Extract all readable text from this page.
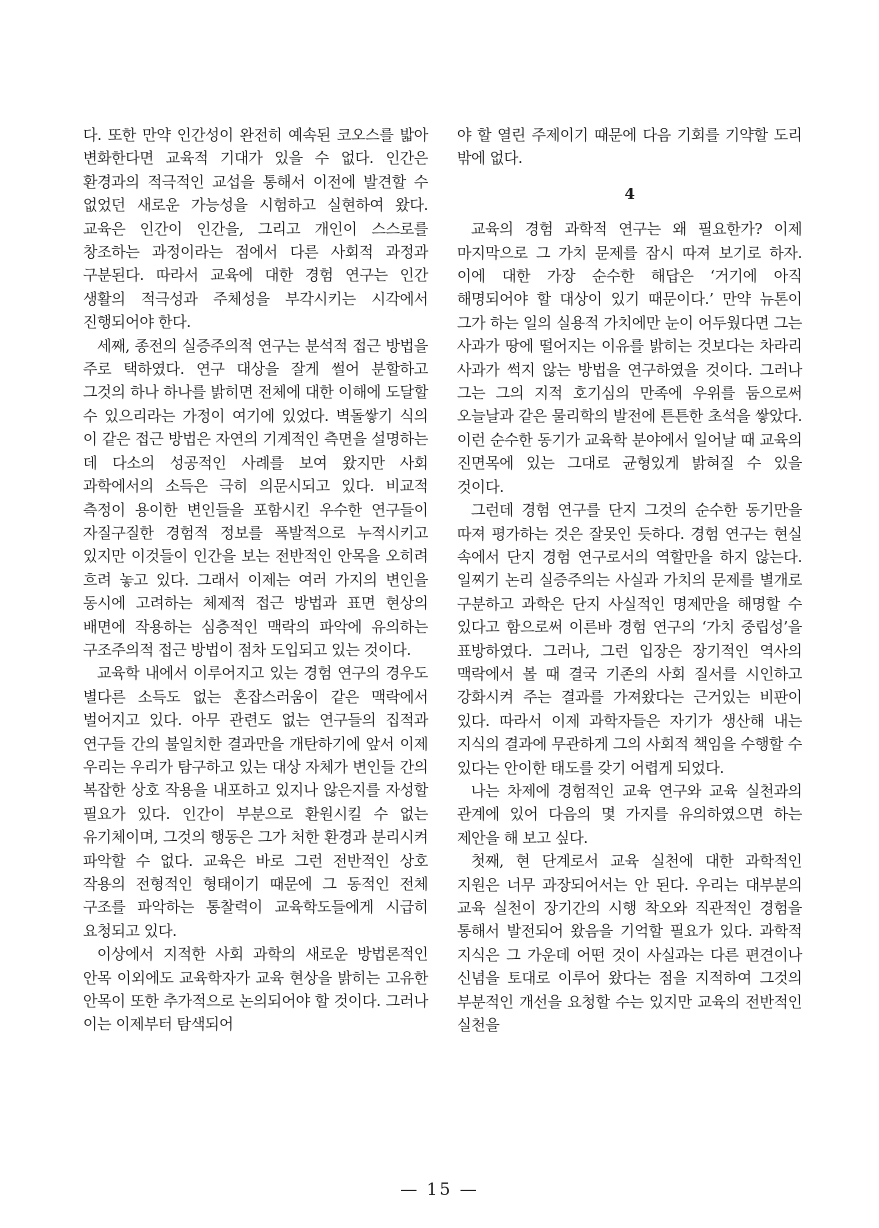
다. 또한 만약 인간성이 완전히 예속된 코오스를 밟아 변화한다면 교육적 기대가 있을 수 없다. 인간은 환경과의 적극적인 교섭을 통해서 이전에 발견할 수 없었던 새로운 가능성을 시험하고 실현하여 왔다. 교육은 인간이 인간을, 그리고 개인이 스스로를 창조하는 과정이라는 점에서 다른 사회적 과정과 구분된다. 따라서 교육에 대한 경험 연구는 인간 생활의 적극성과 주체성을 부각시키는 시각에서 진행되어야 한다.

세째, 종전의 실증주의적 연구는 분석적 접근 방법을 주로 택하였다. 연구 대상을 잘게 썰어 분할하고 그것의 하나 하나를 밝히면 전체에 대한 이해에 도달할 수 있으리라는 가정이 여기에 있었다. 벽돌쌓기 식의 이 같은 접근 방법은 자연의 기계적인 측면을 설명하는 데 다소의 성공적인 사례를 보여 왔지만 사회 과학에서의 소득은 극히 의문시되고 있다. 비교적 측정이 용이한 변인들을 포함시킨 우수한 연구들이 자질구질한 경험적 정보를 폭발적으로 누적시키고 있지만 이것들이 인간을 보는 전반적인 안목을 오히려 흐려 놓고 있다. 그래서 이제는 여러 가지의 변인을 동시에 고려하는 체제적 접근 방법과 표면 현상의 배면에 작용하는 심층적인 맥락의 파악에 유의하는 구조주의적 접근 방법이 점차 도입되고 있는 것이다.

교육학 내에서 이루어지고 있는 경험 연구의 경우도 별다른 소득도 없는 혼잡스러움이 같은 맥락에서 벌어지고 있다. 아무 관련도 없는 연구들의 집적과 연구들 간의 불일치한 결과만을 개탄하기에 앞서 이제 우리는 우리가 탐구하고 있는 대상 자체가 변인들 간의 복잡한 상호 작용을 내포하고 있지나 않은지를 자성할 필요가 있다. 인간이 부분으로 환원시킬 수 없는 유기체이며, 그것의 행동은 그가 처한 환경과 분리시켜 파악할 수 없다. 교육은 바로 그런 전반적인 상호 작용의 전형적인 형태이기 때문에 그 동적인 전체 구조를 파악하는 통찰력이 교육학도들에게 시급히 요청되고 있다.

이상에서 지적한 사회 과학의 새로운 방법론적인 안목 이외에도 교육학자가 교육 현상을 밝히는 고유한 안목이 또한 추가적으로 논의되어야 할 것이다. 그러나 이는 이제부터 탐색되어

야 할 열린 주제이기 때문에 다음 기회를 기약할 도리 밖에 없다.

4

교육의 경험 과학적 연구는 왜 필요한가? 이제 마지막으로 그 가치 문제를 잠시 따져 보기로 하자. 이에 대한 가장 순수한 해답은 ‘거기에 아직 해명되어야 할 대상이 있기 때문이다.’ 만약 뉴톤이 그가 하는 일의 실용적 가치에만 눈이 어두웠다면 그는 사과가 땅에 떨어지는 이유를 밝히는 것보다는 차라리 사과가 썩지 않는 방법을 연구하였을 것이다. 그러나 그는 그의 지적 호기심의 만족에 우위를 둠으로써 오늘날과 같은 물리학의 발전에 튼튼한 초석을 쌓았다. 이런 순수한 동기가 교육학 분야에서 일어날 때 교육의 진면목에 있는 그대로 균형있게 밝혀질 수 있을 것이다.

그런데 경험 연구를 단지 그것의 순수한 동기만을 따져 평가하는 것은 잘못인 듯하다. 경험 연구는 현실 속에서 단지 경험 연구로서의 역할만을 하지 않는다. 일찌기 논리 실증주의는 사실과 가치의 문제를 별개로 구분하고 과학은 단지 사실적인 명제만을 해명할 수 있다고 함으로써 이른바 경험 연구의 ‘가치 중립성’을 표방하였다. 그러나, 그런 입장은 장기적인 역사의 맥락에서 볼 때 결국 기존의 사회 질서를 시인하고 강화시켜 주는 결과를 가져왔다는 근거있는 비판이 있다. 따라서 이제 과학자들은 자기가 생산해 내는 지식의 결과에 무관하게 그의 사회적 책임을 수행할 수 있다는 안이한 태도를 갖기 어렵게 되었다.

나는 차제에 경험적인 교육 연구와 교육 실천과의 관계에 있어 다음의 몇 가지를 유의하였으면 하는 제안을 해 보고 싶다.

첫째, 현 단계로서 교육 실천에 대한 과학적인 지원은 너무 과장되어서는 안 된다. 우리는 대부분의 교육 실천이 장기간의 시행 착오와 직관적인 경험을 통해서 발전되어 왔음을 기억할 필요가 있다. 과학적 지식은 그 가운데 어떤 것이 사실과는 다른 편견이나 신념을 토대로 이루어 왔다는 점을 지적하여 그것의 부분적인 개선을 요청할 수는 있지만 교육의 전반적인 실천을

— 15 —
